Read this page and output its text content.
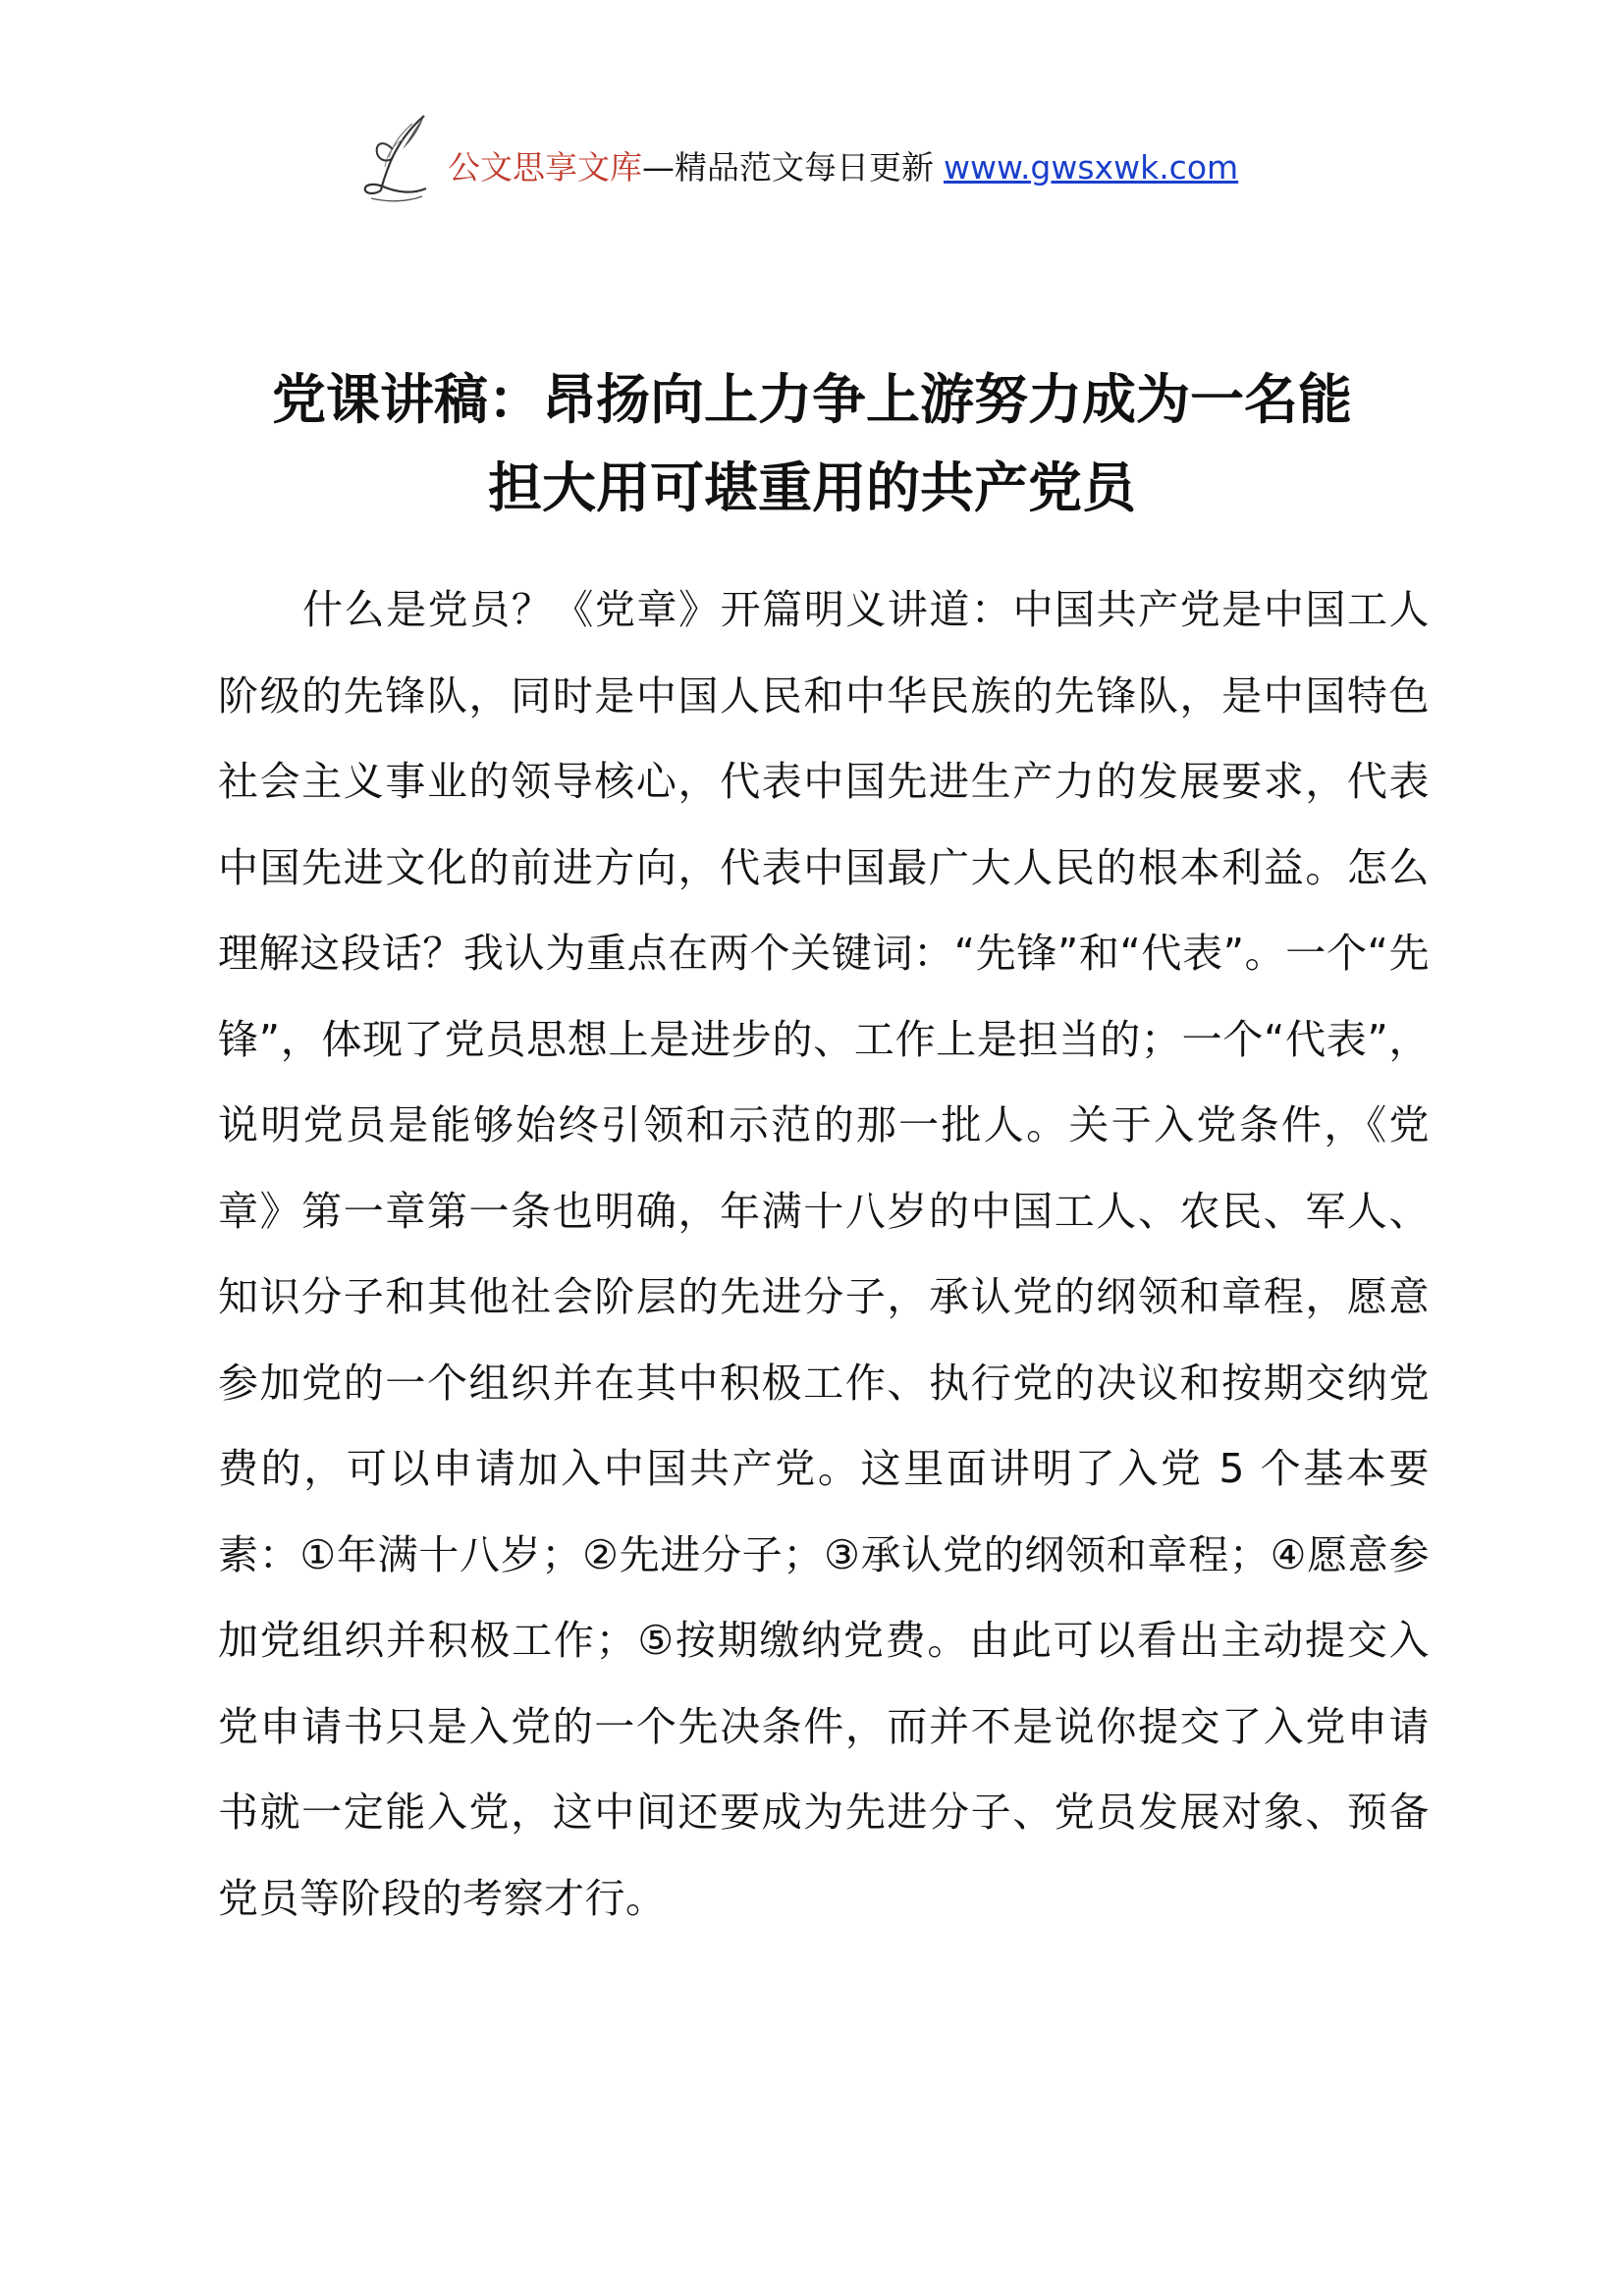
公文思享文库—精品范文每日更新 www.gwsxwk.com
党课讲稿：昂扬向上力争上游努力成为一名能
担大用可堪重用的共产党员

什么是党员？《党章》开篇明义讲道：中国共产党是中国工人阶级的先锋队，同时是中国人民和中华民族的先锋队，是中国特色社会主义事业的领导核心，代表中国先进生产力的发展要求，代表中国先进文化的前进方向，代表中国最广大人民的根本利益。怎么理解这段话？我认为重点在两个关键词：“先锋”和“代表”。一个“先锋”，体现了党员思想上是进步的、工作上是担当的；一个“代表”，说明党员是能够始终引领和示范的那一批人。关于入党条件，《党章》第一章第一条也明确，年满十八岁的中国工人、农民、军人、知识分子和其他社会阶层的先进分子，承认党的纲领和章程，愿意参加党的一个组织并在其中积极工作、执行党的决议和按期交纳党费的，可以申请加入中国共产党。这里面讲明了入党 5 个基本要素：①年满十八岁；②先进分子；③承认党的纲领和章程；④愿意参加党组织并积极工作；⑤按期缴纳党费。由此可以看出主动提交入党申请书只是入党的一个先决条件，而并不是说你提交了入党申请书就一定能入党，这中间还要成为先进分子、党员发展对象、预备党员等阶段的考察才行。
